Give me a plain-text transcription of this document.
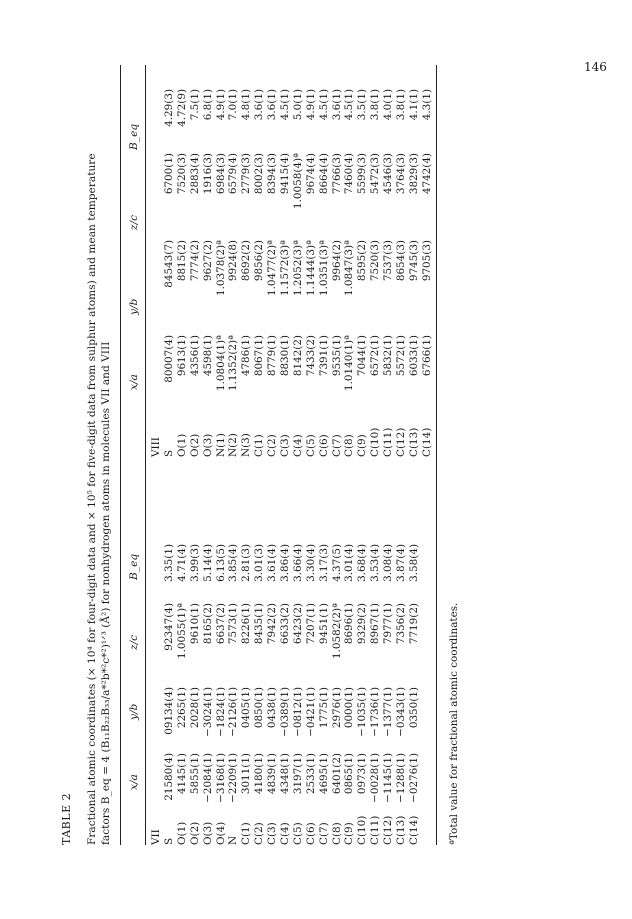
146
TABLE 2 Fractional atomic coordinates (× 10⁴ for four-digit data and × 10⁵ for five-digit data from sulphur atoms) and mean temperature factors B_eq = 4 (B₁₁B₂₂B₃₃/a*²b*²c*²)¹ᐟ³ (Å²) for nonhydrogen atoms in molecules VII and VIII x/a
y/b
z/c
B_eq
x/a
y/b
z/c
B_eq
VII
VIII
S O(1) O(2) O(3) O(4) N C(1) C(2) C(3) C(4) C(5) C(6) C(7) C(8) C(9) C(10) C(11) C(12) C(13) C(14)
21580(4) 4145(1) 5855(1) −2084(1) −3168(1) −2209(1) 3011(1) 4180(1) 4839(1) 4348(1) 3197(1) 2533(1) 4695(1) 6401(2) 0865(1) 0973(1) −0028(1) −1145(1) −1288(1) −0276(1)
09134(4) 2265(1) 2028(1) −3024(1) −1824(1) −2126(1) 0405(1) 0850(1) 0438(1) −0389(1) −0812(1) −0421(1) 1775(1) 2976(1) 0000(1) −1035(1) −1736(1) −1377(1) −0343(1) 0350(1)
92347(4) 1.0055(1)ª 9610(1) 8165(2) 6637(2) 7573(1) 8226(1) 8435(1) 7942(2) 6633(2) 6423(2) 7207(1) 9451(1) 1.0582(2)ª 8696(1) 9329(2) 8967(1) 7977(1) 7356(2) 7719(2)
3.35(1) 4.71(4) 3.99(3) 5.14(4) 6.13(5) 3.85(4) 2.81(3) 3.01(3) 3.61(4) 3.86(4) 3.66(4) 3.30(4) 3.17(3) 4.37(5) 3.01(4) 3.68(4) 3.53(4) 3.08(4) 3.87(4) 3.58(4)
S O(1) O(2) O(3) N(1) N(2) N(3) C(1) C(2) C(3) C(4) C(5) C(6) C(7) C(8) C(9) C(10) C(11) C(12) C(13) C(14)
80007(4) 9613(1) 4356(1) 4598(1) 1.0804(1)ª 1.1352(2)ª 4786(1) 8067(1) 8779(1) 8830(1) 8142(2) 7433(2) 7391(1) 9535(1) 1.0140(1)ª 7044(1) 6572(1) 5832(1) 5572(1) 6033(1) 6766(1)
84543(7) 8815(2) 7774(2) 9627(2) 1.0378(2)ª 9924(8) 8692(2) 9856(2) 1.0477(2)ª 1.1572(3)ª 1.2052(3)ª 1.1444(3)ª 1.0351(3)ª 9964(2) 1.0847(3)ª 8595(2) 7520(3) 7537(3) 8654(3) 9745(3) 9705(3)
6700(1) 7520(3) 2883(4) 1916(3) 6984(3) 6579(4) 2779(3) 8002(3) 8394(3) 9415(4) 1.0058(4)ª 9674(4) 8664(4) 7766(3) 7460(4) 5599(3) 5472(3) 4546(3) 3764(3) 3829(3) 4742(4)
4.29(3) 4.72(9) 7.5(1) 6.8(1) 4.9(1) 7.0(1) 4.8(1) 3.6(1) 3.6(1) 4.5(1) 5.0(1) 4.9(1) 4.5(1) 3.6(1) 4.5(1) 3.5(1) 3.8(1) 4.0(1) 3.8(1) 4.1(1) 4.3(1)
ªTotal value for fractional atomic coordinates.
